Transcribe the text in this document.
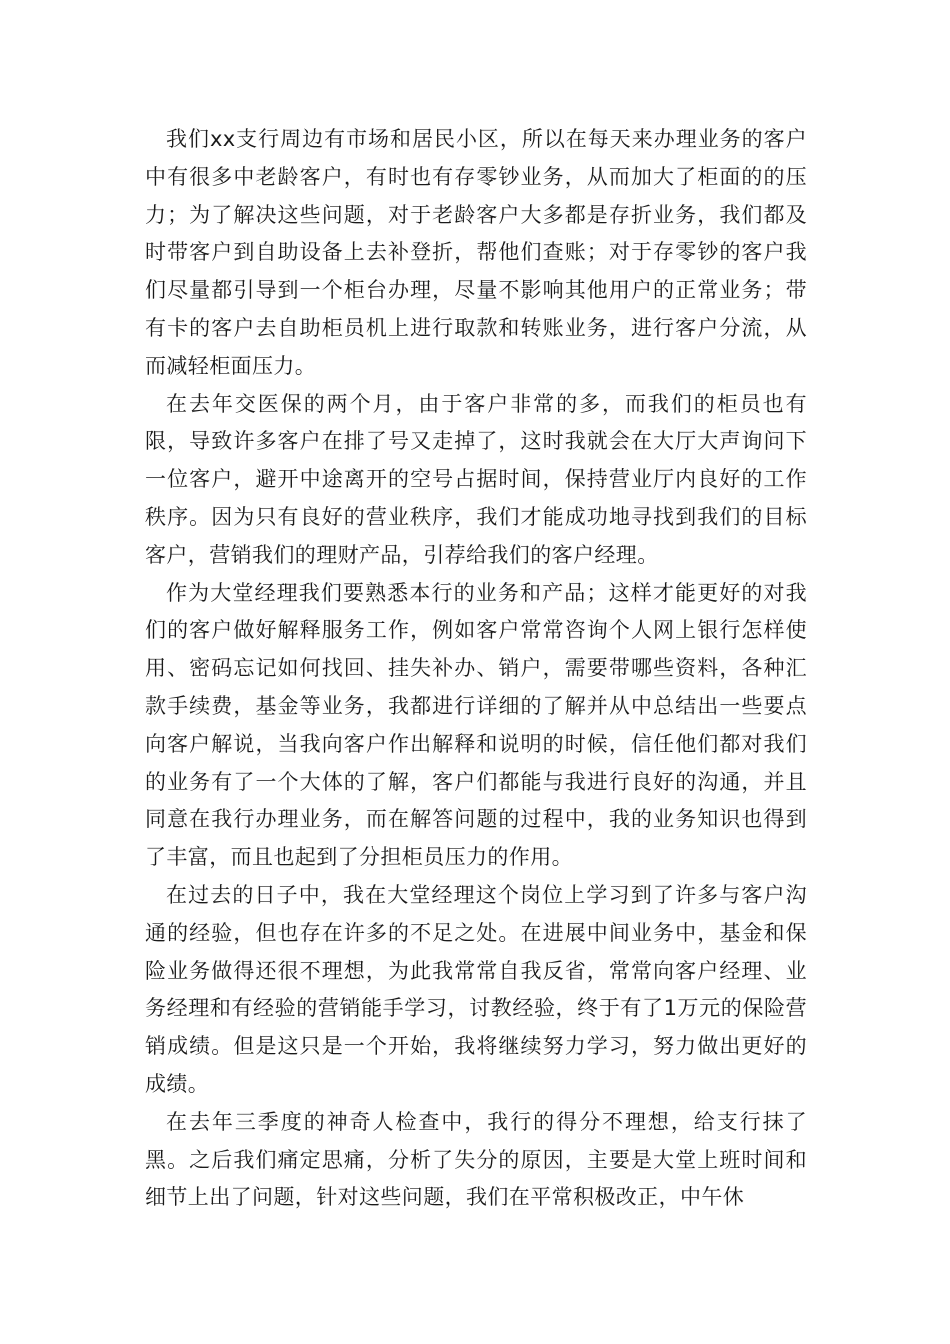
我们xx支行周边有市场和居民小区，所以在每天来办理业务的客户中有很多中老龄客户，有时也有存零钞业务，从而加大了柜面的的压力；为了解决这些问题，对于老龄客户大多都是存折业务，我们都及时带客户到自助设备上去补登折，帮他们查账；对于存零钞的客户我们尽量都引导到一个柜台办理，尽量不影响其他用户的正常业务；带有卡的客户去自助柜员机上进行取款和转账业务，进行客户分流，从而减轻柜面压力。

在去年交医保的两个月，由于客户非常的多，而我们的柜员也有限，导致许多客户在排了号又走掉了，这时我就会在大厅大声询问下一位客户，避开中途离开的空号占据时间，保持营业厅内良好的工作秩序。因为只有良好的营业秩序，我们才能成功地寻找到我们的目标客户，营销我们的理财产品，引荐给我们的客户经理。

作为大堂经理我们要熟悉本行的业务和产品；这样才能更好的对我们的客户做好解释服务工作，例如客户常常咨询个人网上银行怎样使用、密码忘记如何找回、挂失补办、销户，需要带哪些资料，各种汇款手续费，基金等业务，我都进行详细的了解并从中总结出一些要点向客户解说，当我向客户作出解释和说明的时候，信任他们都对我们的业务有了一个大体的了解，客户们都能与我进行良好的沟通，并且同意在我行办理业务，而在解答问题的过程中，我的业务知识也得到了丰富，而且也起到了分担柜员压力的作用。

在过去的日子中，我在大堂经理这个岗位上学习到了许多与客户沟通的经验，但也存在许多的不足之处。在进展中间业务中，基金和保险业务做得还很不理想，为此我常常自我反省，常常向客户经理、业务经理和有经验的营销能手学习，讨教经验，终于有了1万元的保险营销成绩。但是这只是一个开始，我将继续努力学习，努力做出更好的成绩。

在去年三季度的神奇人检查中，我行的得分不理想，给支行抹了黑。之后我们痛定思痛，分析了失分的原因，主要是大堂上班时间和细节上出了问题，针对这些问题，我们在平常积极改正，中午休
